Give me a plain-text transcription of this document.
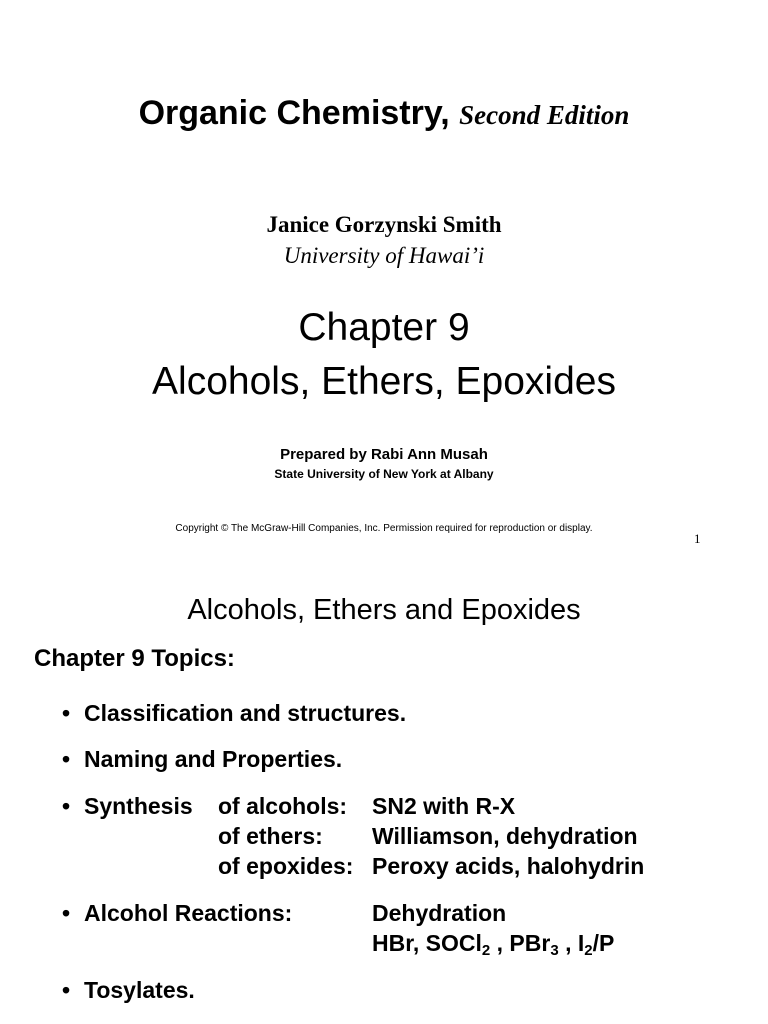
Organic Chemistry, Second Edition
Janice Gorzynski Smith
University of Hawai’i
Chapter 9
Alcohols, Ethers, Epoxides
Prepared by Rabi Ann Musah
State University of New York at Albany
Copyright © The McGraw-Hill Companies, Inc. Permission required for reproduction or display.
1
Alcohols, Ethers and Epoxides
Chapter 9 Topics:
• Classification and structures.
• Naming and Properties.
• Synthesis of alcohols: SN2 with R-X
of ethers: Williamson, dehydration
of epoxides: Peroxy acids, halohydrin
• Alcohol Reactions:	Dehydration
HBr, SOCl$_2$ , PBr$_3$ , $I_2/P$
• Tosylates.
